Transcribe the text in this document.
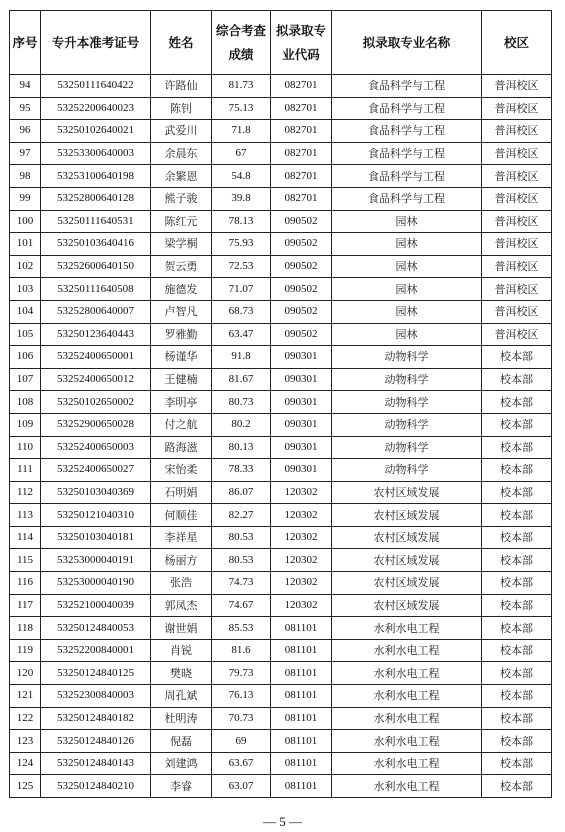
序号	专升本准考证号	姓名	综合考查成绩	拟录取专业代码	拟录取专业名称	校区
94	53250111640422	许路仙	81.73	082701	食品科学与工程	普洱校区
95	53252200640023	陈钊	75.13	082701	食品科学与工程	普洱校区
96	53250102640021	武爱川	71.8	082701	食品科学与工程	普洱校区
97	53253300640003	余晨东	67	082701	食品科学与工程	普洱校区
98	53253100640198	余繁恩	54.8	082701	食品科学与工程	普洱校区
99	53252800640128	熊子骏	39.8	082701	食品科学与工程	普洱校区
100	53250111640531	陈红元	78.13	090502	园林	普洱校区
101	53250103640416	梁学桐	75.93	090502	园林	普洱校区
102	53252600640150	贺云勇	72.53	090502	园林	普洱校区
103	53250111640508	施德发	71.07	090502	园林	普洱校区
104	53252800640007	卢智凡	68.73	090502	园林	普洱校区
105	53250123640443	罗雅勤	63.47	090502	园林	普洱校区
106	53252400650001	杨谨华	91.8	090301	动物科学	校本部
107	53252400650012	王健楠	81.67	090301	动物科学	校本部
108	53250102650002	李明亭	80.73	090301	动物科学	校本部
109	53252900650028	付之航	80.2	090301	动物科学	校本部
110	53252400650003	路海滋	80.13	090301	动物科学	校本部
111	53252400650027	宋怡柔	78.33	090301	动物科学	校本部
112	53250103040369	石明娟	86.07	120302	农村区域发展	校本部
113	53250121040310	何顺佳	82.27	120302	农村区域发展	校本部
114	53250103040181	李祥星	80.53	120302	农村区域发展	校本部
115	53253000040191	杨丽方	80.53	120302	农村区域发展	校本部
116	53253000040190	张浩	74.73	120302	农村区域发展	校本部
117	53252100040039	郭凤杰	74.67	120302	农村区域发展	校本部
118	53250124840053	谢世娟	85.53	081101	水利水电工程	校本部
119	53252200840001	肖锐	81.6	081101	水利水电工程	校本部
120	53250124840125	樊晓	79.73	081101	水利水电工程	校本部
121	53252300840003	周孔斌	76.13	081101	水利水电工程	校本部
122	53250124840182	杜明涛	70.73	081101	水利水电工程	校本部
123	53250124840126	倪磊	69	081101	水利水电工程	校本部
124	53250124840143	刘建鸿	63.67	081101	水利水电工程	校本部
125	53250124840210	李睿	63.07	081101	水利水电工程	校本部
— 5 —
